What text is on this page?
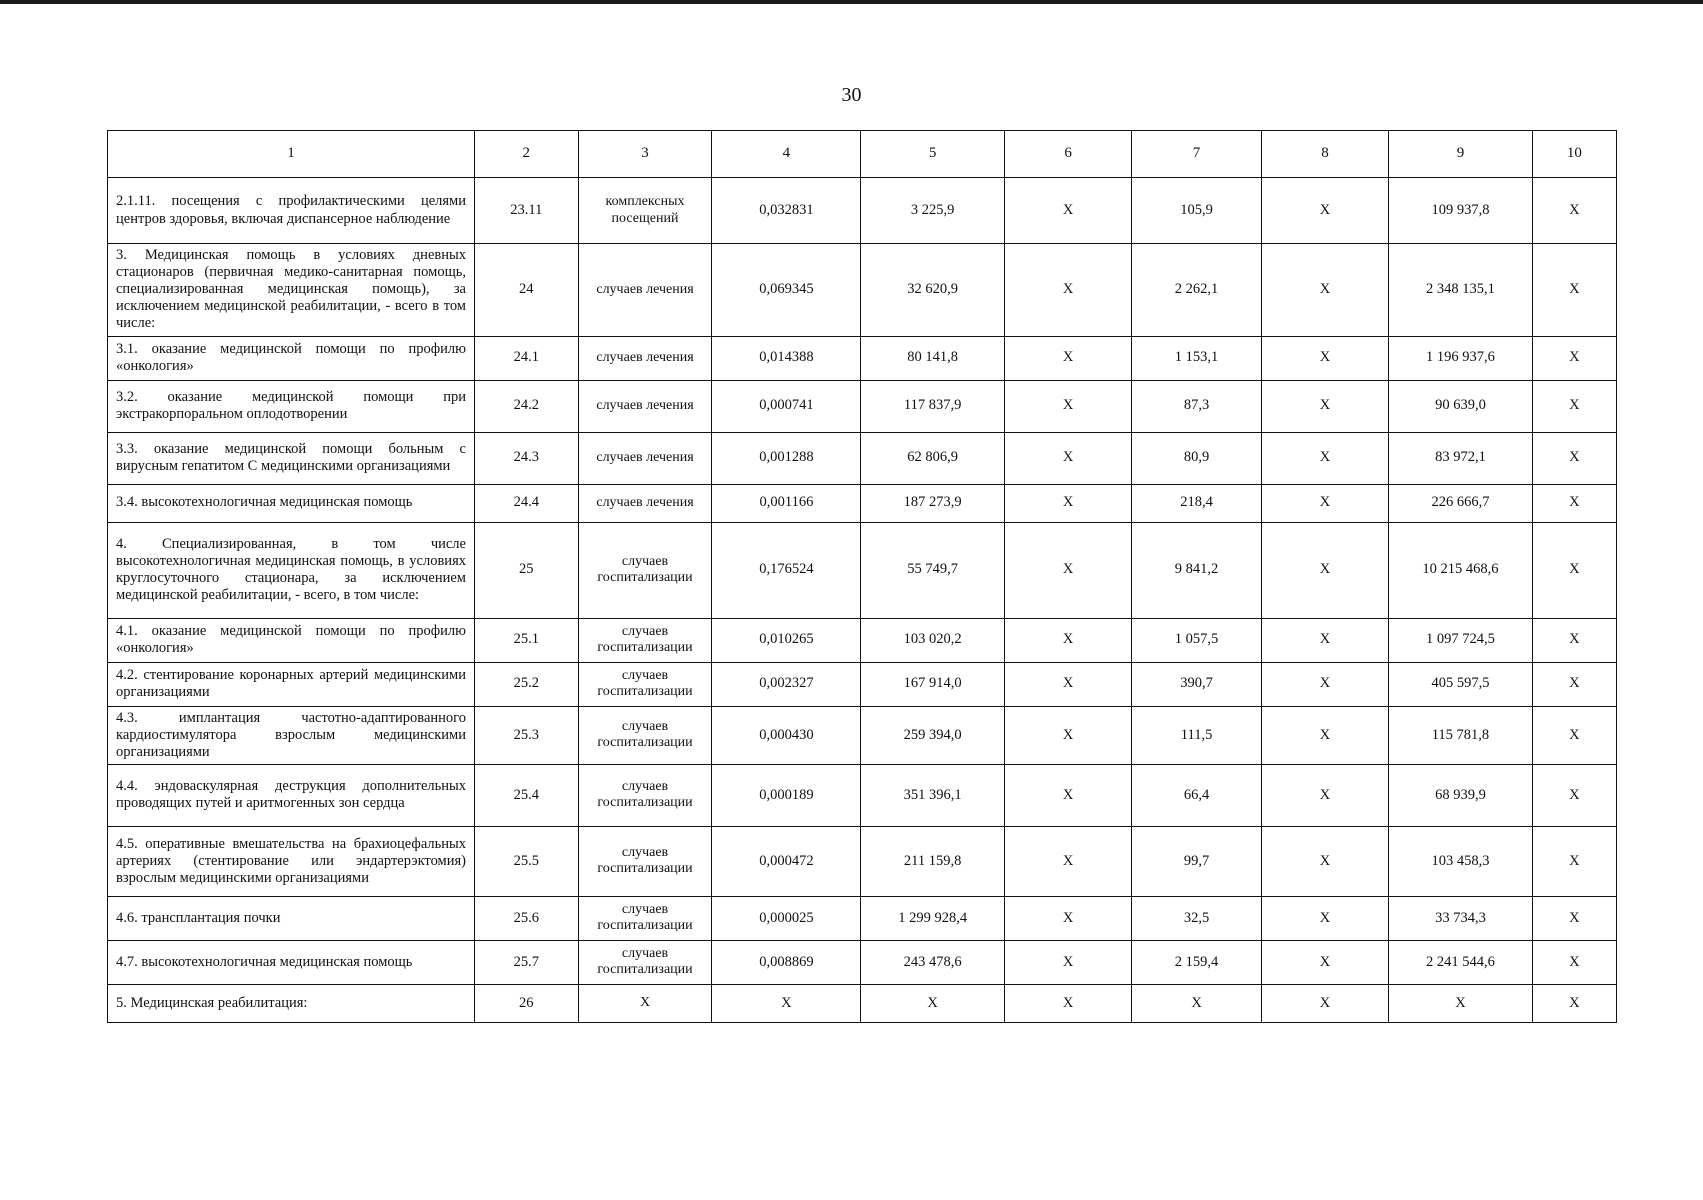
30
1	2	3	4	5	6	7	8	9	10
2.1.11. посещения с профилактическими целями центров здоровья, включая диспансерное наблюдение	23.11	комплексных посещений	0,032831	3 225,9	X	105,9	X	109 937,8	X
3. Медицинская помощь в условиях дневных стационаров (первичная медико-санитарная помощь, специализированная медицинская помощь), за исключением медицинской реабилитации, - всего в том числе:	24	случаев лечения	0,069345	32 620,9	X	2 262,1	X	2 348 135,1	X
3.1. оказание медицинской помощи по профилю «онкология»	24.1	случаев лечения	0,014388	80 141,8	X	1 153,1	X	1 196 937,6	X
3.2. оказание медицинской помощи при экстракорпоральном оплодотворении	24.2	случаев лечения	0,000741	117 837,9	X	87,3	X	90 639,0	X
3.3. оказание медицинской помощи больным с вирусным гепатитом С медицинскими организациями	24.3	случаев лечения	0,001288	62 806,9	X	80,9	X	83 972,1	X
3.4. высокотехнологичная медицинская помощь	24.4	случаев лечения	0,001166	187 273,9	X	218,4	X	226 666,7	X
4. Специализированная, в том числе высокотехнологичная медицинская помощь, в условиях круглосуточного стационара, за исключением медицинской реабилитации, - всего, в том числе:	25	случаев госпитализации	0,176524	55 749,7	X	9 841,2	X	10 215 468,6	X
4.1. оказание медицинской помощи по профилю «онкология»	25.1	случаев госпитализации	0,010265	103 020,2	X	1 057,5	X	1 097 724,5	X
4.2. стентирование коронарных артерий медицинскими организациями	25.2	случаев госпитализации	0,002327	167 914,0	X	390,7	X	405 597,5	X
4.3. имплантация частотно-адаптированного кардиостимулятора взрослым медицинскими организациями	25.3	случаев госпитализации	0,000430	259 394,0	X	111,5	X	115 781,8	X
4.4. эндоваскулярная деструкция дополнительных проводящих путей и аритмогенных зон сердца	25.4	случаев госпитализации	0,000189	351 396,1	X	66,4	X	68 939,9	X
4.5. оперативные вмешательства на брахиоцефальных артериях (стентирование или эндартерэктомия) взрослым медицинскими организациями	25.5	случаев госпитализации	0,000472	211 159,8	X	99,7	X	103 458,3	X
4.6. трансплантация почки	25.6	случаев госпитализации	0,000025	1 299 928,4	X	32,5	X	33 734,3	X
4.7. высокотехнологичная медицинская помощь	25.7	случаев госпитализации	0,008869	243 478,6	X	2 159,4	X	2 241 544,6	X
5. Медицинская реабилитация:	26	X	X	X	X	X	X	X	X
